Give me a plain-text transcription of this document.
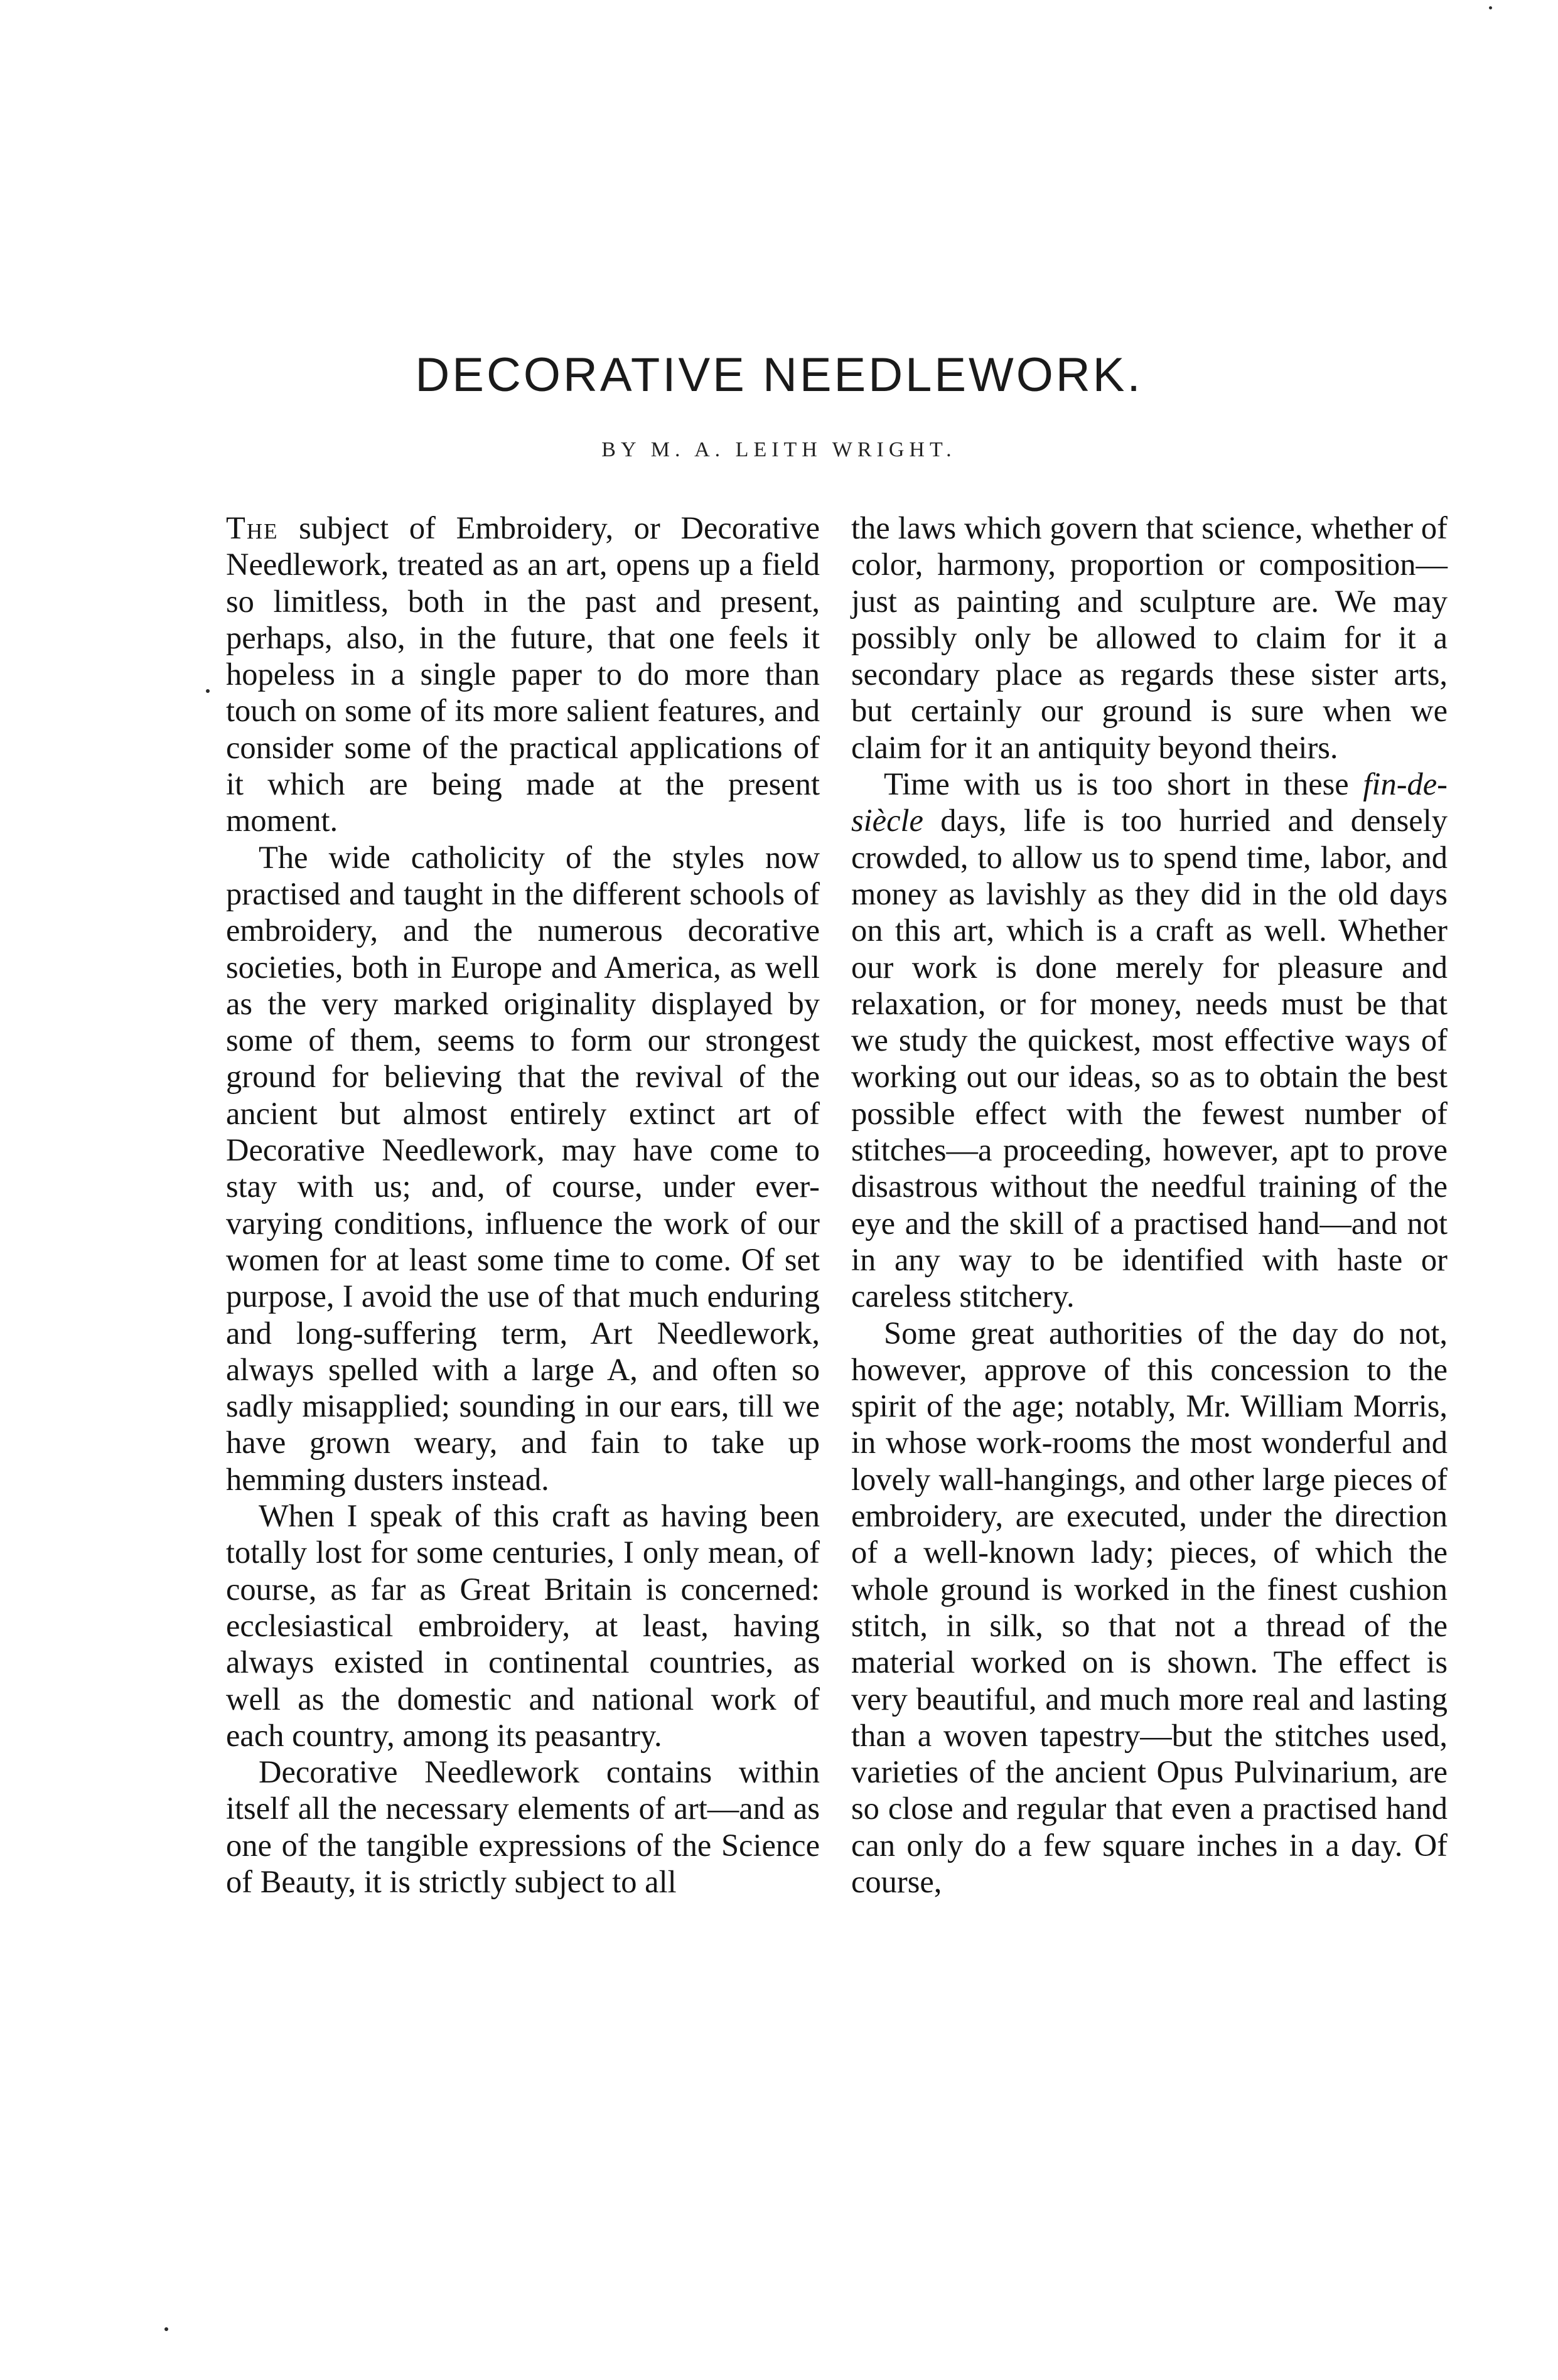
DECORATIVE NEEDLEWORK.
BY M. A. LEITH WRIGHT.

The subject of Embroidery, or Decorative Needlework, treated as an art, opens up a field so limitless, both in the past and present, perhaps, also, in the future, that one feels it hopeless in a single paper to do more than touch on some of its more salient features, and consider some of the practical applications of it which are being made at the present moment.

The wide catholicity of the styles now practised and taught in the different schools of embroidery, and the numerous decorative societies, both in Europe and America, as well as the very marked originality displayed by some of them, seems to form our strongest ground for believing that the revival of the ancient but almost entirely extinct art of Decorative Needlework, may have come to stay with us; and, of course, under ever-varying conditions, influence the work of our women for at least some time to come. Of set purpose, I avoid the use of that much enduring and long-suffering term, Art Needlework, always spelled with a large A, and often so sadly misapplied; sounding in our ears, till we have grown weary, and fain to take up hemming dusters instead.

When I speak of this craft as having been totally lost for some centuries, I only mean, of course, as far as Great Britain is concerned: ecclesiastical embroidery, at least, having always existed in continental countries, as well as the domestic and national work of each country, among its peasantry.

Decorative Needlework contains within itself all the necessary elements of art—and as one of the tangible expressions of the Science of Beauty, it is strictly subject to all

the laws which govern that science, whether of color, harmony, proportion or composition—just as painting and sculpture are. We may possibly only be allowed to claim for it a secondary place as regards these sister arts, but certainly our ground is sure when we claim for it an antiquity beyond theirs.

Time with us is too short in these fin-de-siècle days, life is too hurried and densely crowded, to allow us to spend time, labor, and money as lavishly as they did in the old days on this art, which is a craft as well. Whether our work is done merely for pleasure and relaxation, or for money, needs must be that we study the quickest, most effective ways of working out our ideas, so as to obtain the best possible effect with the fewest number of stitches—a proceeding, however, apt to prove disastrous without the needful training of the eye and the skill of a practised hand—and not in any way to be identified with haste or careless stitchery.

Some great authorities of the day do not, however, approve of this concession to the spirit of the age; notably, Mr. William Morris, in whose work-rooms the most wonderful and lovely wall-hangings, and other large pieces of embroidery, are executed, under the direction of a well-known lady; pieces, of which the whole ground is worked in the finest cushion stitch, in silk, so that not a thread of the material worked on is shown. The effect is very beautiful, and much more real and lasting than a woven tapestry—but the stitches used, varieties of the ancient Opus Pulvinarium, are so close and regular that even a practised hand can only do a few square inches in a day. Of course,
